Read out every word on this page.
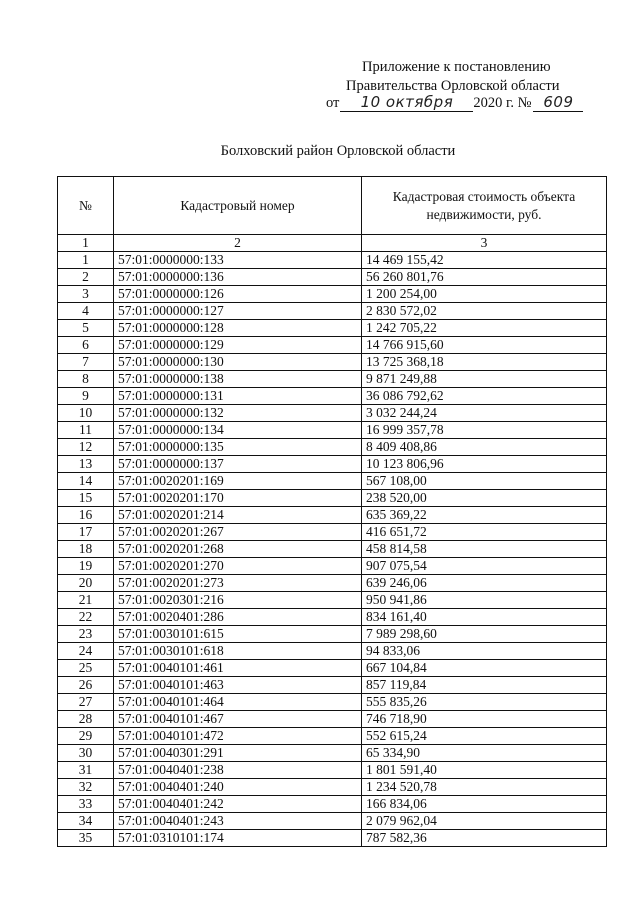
Приложение к постановлению
Правительства Орловской области
от	10 октября	2020 г. № 609
Болховский район Орловской области
№	Кадастровый номер	Кадастровая стоимость объекта недвижимости, руб.
1	2	3
1	57:01:0000000:133	14 469 155,42
2	57:01:0000000:136	56 260 801,76
3	57:01:0000000:126	1 200 254,00
4	57:01:0000000:127	2 830 572,02
5	57:01:0000000:128	1 242 705,22
6	57:01:0000000:129	14 766 915,60
7	57:01:0000000:130	13 725 368,18
8	57:01:0000000:138	9 871 249,88
9	57:01:0000000:131	36 086 792,62
10	57:01:0000000:132	3 032 244,24
11	57:01:0000000:134	16 999 357,78
12	57:01:0000000:135	8 409 408,86
13	57:01:0000000:137	10 123 806,96
14	57:01:0020201:169	567 108,00
15	57:01:0020201:170	238 520,00
16	57:01:0020201:214	635 369,22
17	57:01:0020201:267	416 651,72
18	57:01:0020201:268	458 814,58
19	57:01:0020201:270	907 075,54
20	57:01:0020201:273	639 246,06
21	57:01:0020301:216	950 941,86
22	57:01:0020401:286	834 161,40
23	57:01:0030101:615	7 989 298,60
24	57:01:0030101:618	94 833,06
25	57:01:0040101:461	667 104,84
26	57:01:0040101:463	857 119,84
27	57:01:0040101:464	555 835,26
28	57:01:0040101:467	746 718,90
29	57:01:0040101:472	552 615,24
30	57:01:0040301:291	65 334,90
31	57:01:0040401:238	1 801 591,40
32	57:01:0040401:240	1 234 520,78
33	57:01:0040401:242	166 834,06
34	57:01:0040401:243	2 079 962,04
35	57:01:0310101:174	787 582,36
